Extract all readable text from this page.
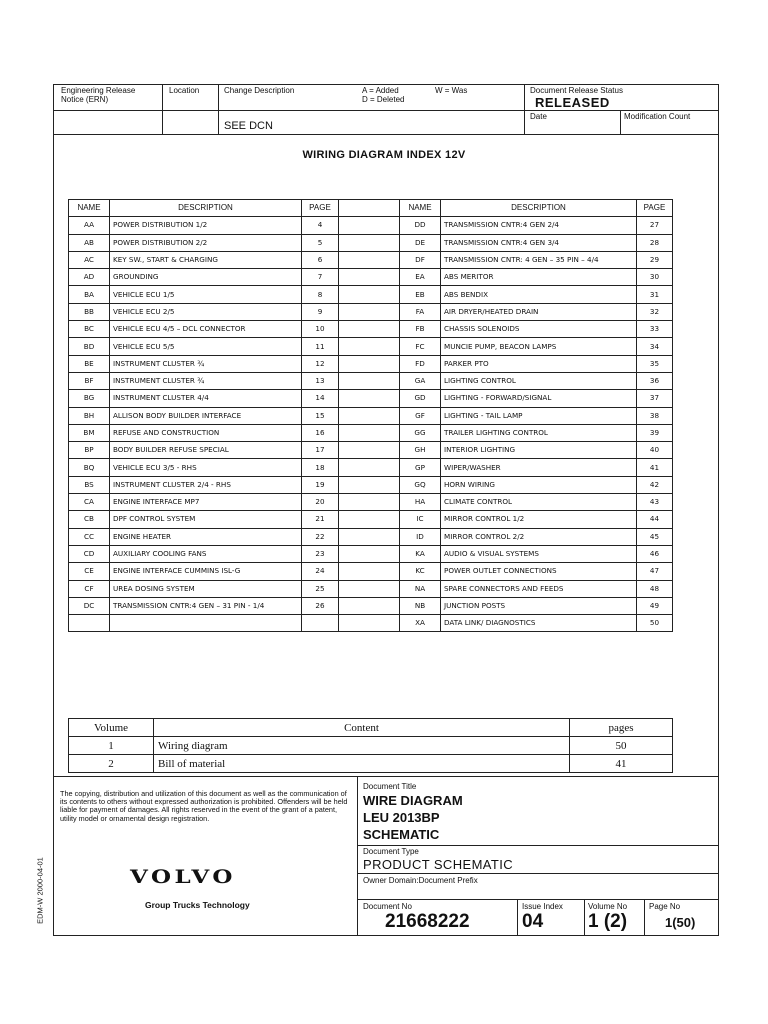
Engineering Release Notice (ERN)
Location	Change Description	A = Added
D = Deleted
W = Was	Document Release Status
RELEASED
Date	Modification Count
SEE DCN
WIRING DIAGRAM INDEX 12V
NAME	DESCRIPTION	PAGE		NAME	DESCRIPTION	PAGE
AA	POWER DISTRIBUTION 1/2	4		DD	TRANSMISSION CNTR:4 GEN 2/4	27
AB	POWER DISTRIBUTION 2/2	5		DE	TRANSMISSION CNTR:4 GEN 3/4	28
AC	KEY SW., START & CHARGING	6		DF	TRANSMISSION CNTR: 4 GEN – 35 PIN – 4/4	29
AD	GROUNDING	7		EA	ABS MERITOR	30
BA	VEHICLE ECU 1/5	8		EB	ABS BENDIX	31
BB	VEHICLE ECU 2/5	9		FA	AIR DRYER/HEATED DRAIN	32
BC	VEHICLE ECU 4/5 – DCL CONNECTOR	10		FB	CHASSIS SOLENOIDS	33
BD	VEHICLE ECU 5/5	11		FC	MUNCIE PUMP, BEACON LAMPS	34
BE	INSTRUMENT CLUSTER ¾	12		FD	PARKER PTO	35
BF	INSTRUMENT CLUSTER ¾	13		GA	LIGHTING CONTROL	36
BG	INSTRUMENT CLUSTER 4/4	14		GD	LIGHTING - FORWARD/SIGNAL	37
BH	ALLISON BODY BUILDER INTERFACE	15		GF	LIGHTING - TAIL LAMP	38
BM	REFUSE AND CONSTRUCTION	16		GG	TRAILER LIGHTING CONTROL	39
BP	BODY BUILDER REFUSE SPECIAL	17		GH	INTERIOR LIGHTING	40
BQ	VEHICLE ECU 3/5 - RHS	18		GP	WIPER/WASHER	41
BS	INSTRUMENT CLUSTER 2/4 - RHS	19		GQ	HORN WIRING	42
CA	ENGINE INTERFACE MP7	20		HA	CLIMATE CONTROL	43
CB	DPF CONTROL SYSTEM	21		IC	MIRROR CONTROL 1/2	44
CC	ENGINE HEATER	22		ID	MIRROR CONTROL 2/2	45
CD	AUXILIARY COOLING FANS	23		KA	AUDIO & VISUAL SYSTEMS	46
CE	ENGINE INTERFACE CUMMINS ISL-G	24		KC	POWER OUTLET CONNECTIONS	47
CF	UREA DOSING SYSTEM	25		NA	SPARE CONNECTORS AND FEEDS	48
DC	TRANSMISSION CNTR:4 GEN – 31 PIN - 1/4	26		NB	JUNCTION POSTS	49
				XA	DATA LINK/ DIAGNOSTICS	50
Volume	Content	pages
1	Wiring diagram	50
2	Bill of material	41
The copying, distribution and utilization of this document as well as the communication of its contents to others without expressed authorization is prohibited. Offenders will be held liable for payment of damages. All rights reserved in the event of the grant of a patent, utility model or ornamental design registration.
VOLVO
Group Trucks Technology
EDM-W 2000-04-01
Document Title
WIRE DIAGRAM
LEU 2013BP
SCHEMATIC
Document Type
PRODUCT SCHEMATIC
Owner Domain:Document Prefix
Document No
21668222
Issue Index
04
Volume No
1 (2)
Page No
1(50)
